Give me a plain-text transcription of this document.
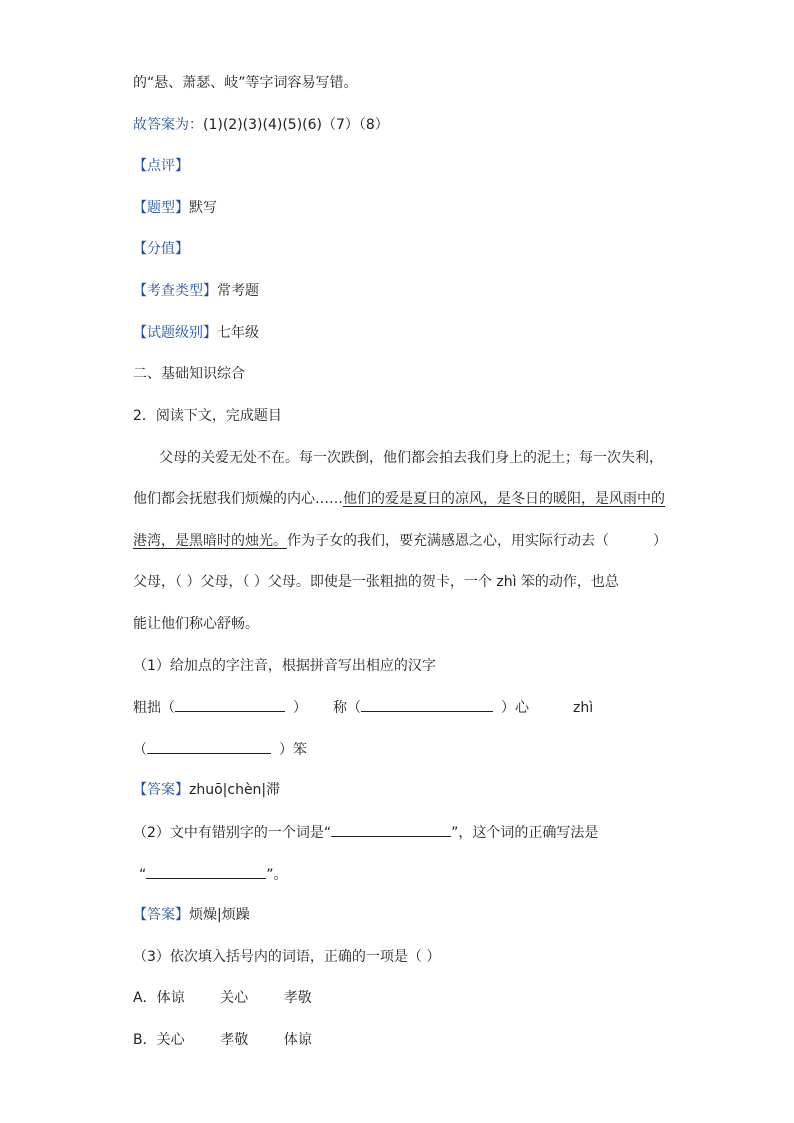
的“悬、萧瑟、岐”等字词容易写错。
故答案为：(1)(2)(3)(4)(5)(6)（7）（8）
【点评】
【题型】默写
【分值】
【考查类型】常考题
【试题级别】七年级
二、基础知识综合
2．阅读下文，完成题目
父母的关爱无处不在。每一次跌倒，他们都会拍去我们身上的泥土；每一次失利，
他们都会抚慰我们烦燥的内心……他们的爱是夏日的凉风，是冬日的暖阳，是风雨中的
港湾，是黑暗时的烛光。作为子女的我们，要充满感恩之心，用实际行动去（	）
父母，（ ）父母，（ ）父母。即使是一张粗拙的贺卡，一个 zhì 笨的动作，也总
能让他们称心舒畅。
（1）给加点的字注音，根据拼音写出相应的汉字
粗拙（	） 称（	）心	zhì
（	）笨
【答案】zhuō|chèn|滞
（2）文中有错别字的一个词是“	”，这个词的正确写法是
“	”。
【答案】烦燥|烦躁
（3）依次填入括号内的词语，正确的一项是（ ）
A．体谅        关心        孝敬
B．关心        孝敬        体谅
